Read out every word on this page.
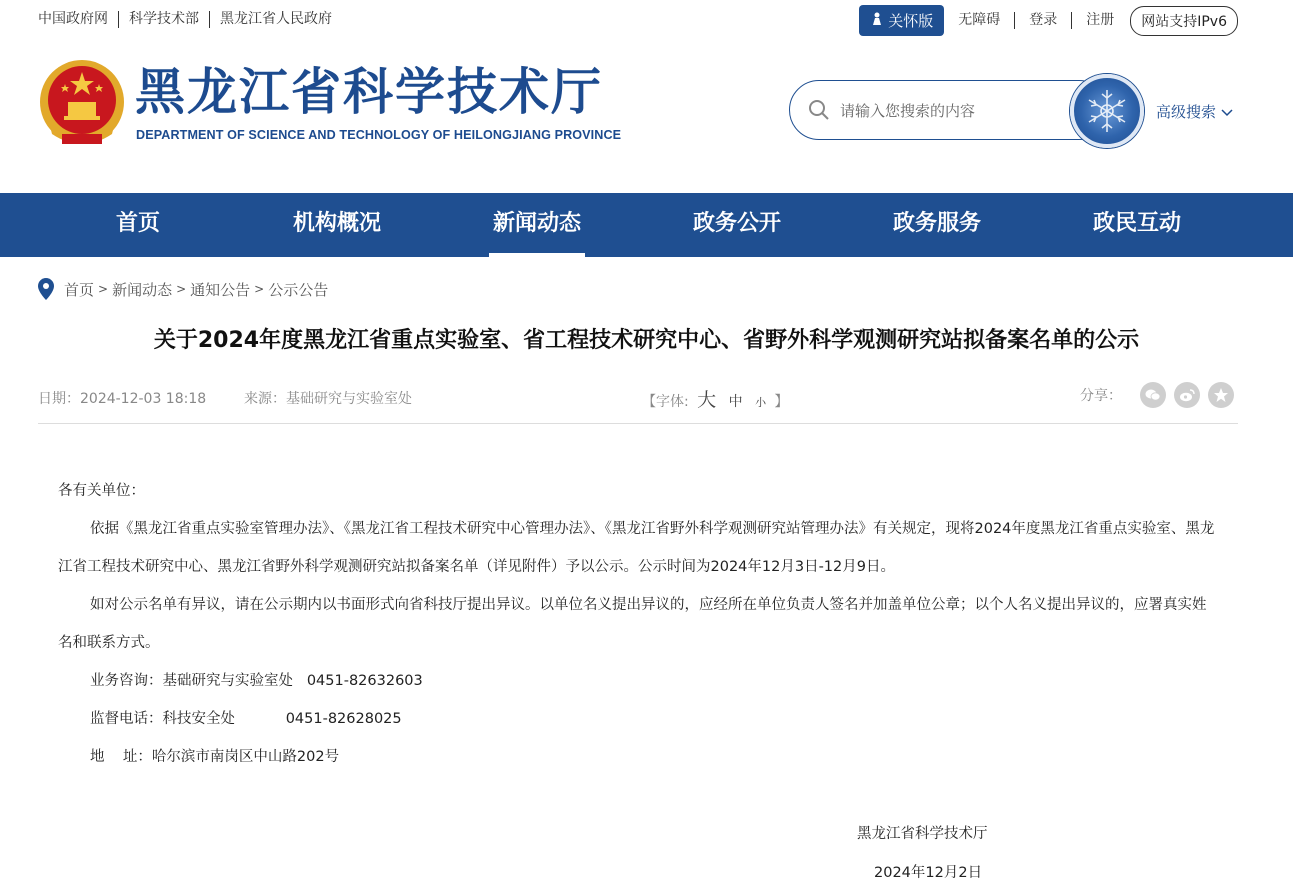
中国政府网	科学技术部	黑龙江省人民政府	关怀版	无障碍	登录	注册	网站支持IPv6
黑龙江省科学技术厅
DEPARTMENT OF SCIENCE AND TECHNOLOGY OF HEILONGJIANG PROVINCE
请输入您搜索的内容
高级搜索
首页	机构概况	新闻动态	政务公开	政务服务	政民互动
首页 > 新闻动态 > 通知公告 > 公示公告
关于2024年度黑龙江省重点实验室、省工程技术研究中心、省野外科学观测研究站拟备案名单的公示
日期：2024-12-03 18:18	来源：基础研究与实验室处	【字体: 大 中 小 】	分享：

各有关单位：

依据《黑龙江省重点实验室管理办法》、《黑龙江省工程技术研究中心管理办法》、《黑龙江省野外科学观测研究站管理办法》有关规定，现将2024年度黑龙江省重点实验室、黑龙江省工程技术研究中心、黑龙江省野外科学观测研究站拟备案名单（详见附件）予以公示。公示时间为2024年12月3日-12月9日。

如对公示名单有异议，请在公示期内以书面形式向省科技厅提出异议。以单位名义提出异议的，应经所在单位负责人签名并加盖单位公章；以个人名义提出异议的，应署真实姓名和联系方式。

业务咨询：基础研究与实验室处   0451-82632603

监督电话：科技安全处           0451-82628025

地    址：哈尔滨市南岗区中山路202号

黑龙江省科学技术厅
2024年12月2日
